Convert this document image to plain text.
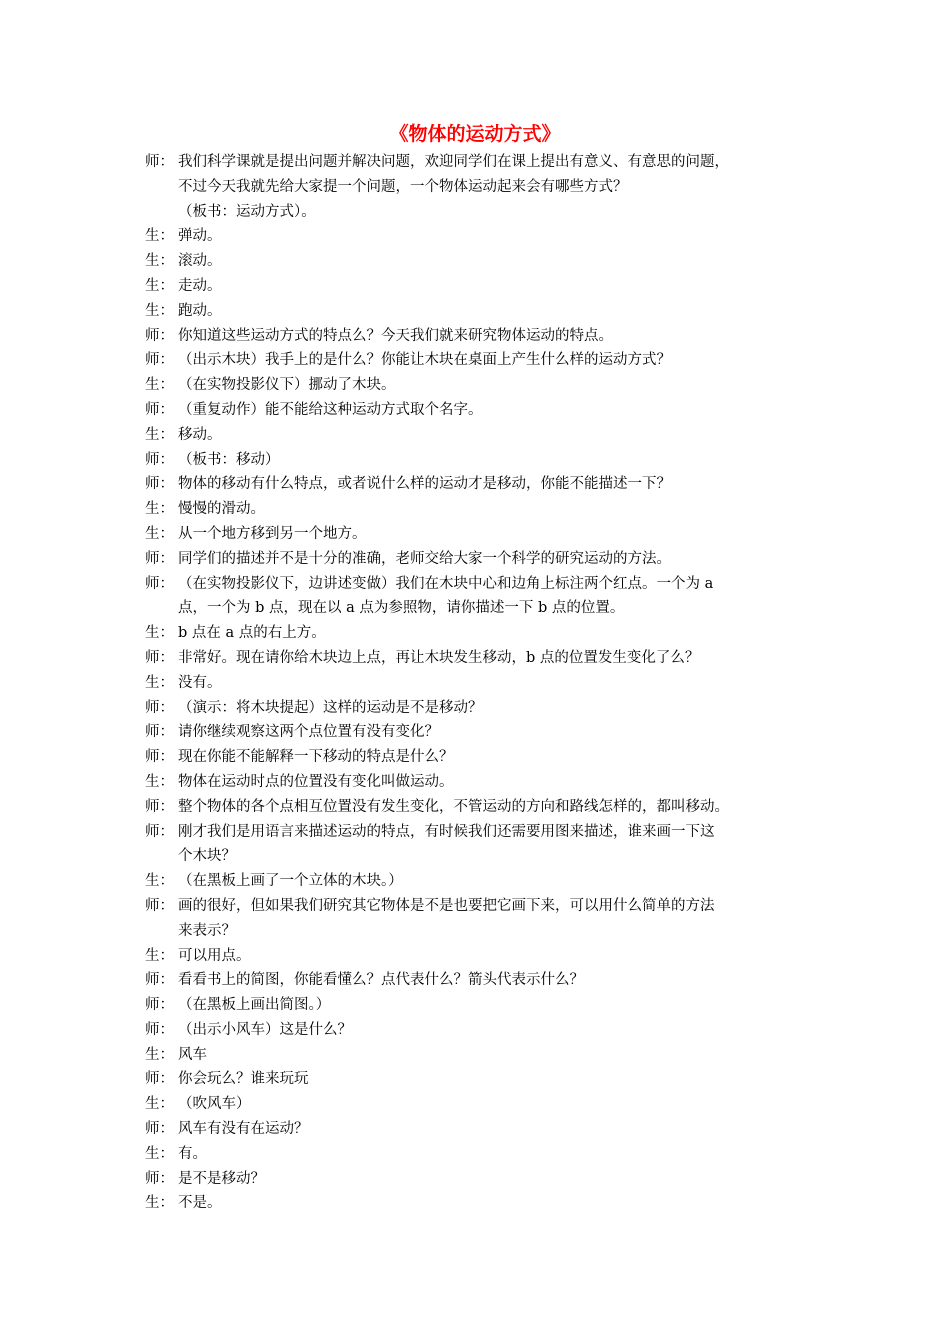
《物体的运动方式》
师： 我们科学课就是提出问题并解决问题，欢迎同学们在课上提出有意义、有意思的问题，
不过今天我就先给大家提一个问题，一个物体运动起来会有哪些方式？
（板书：运动方式）。
生： 弹动。
生： 滚动。
生： 走动。
生： 跑动。
师： 你知道这些运动方式的特点么？今天我们就来研究物体运动的特点。
师： （出示木块）我手上的是什么？你能让木块在桌面上产生什么样的运动方式？
生： （在实物投影仪下）挪动了木块。
师： （重复动作）能不能给这种运动方式取个名字。
生： 移动。
师： （板书：移动）
师： 物体的移动有什么特点，或者说什么样的运动才是移动，你能不能描述一下？
生： 慢慢的滑动。
生： 从一个地方移到另一个地方。
师： 同学们的描述并不是十分的准确，老师交给大家一个科学的研究运动的方法。
师： （在实物投影仪下，边讲述变做）我们在木块中心和边角上标注两个红点。一个为 a
点，一个为 b 点，现在以 a 点为参照物，请你描述一下 b 点的位置。
生： b 点在 a 点的右上方。
师： 非常好。现在请你给木块边上点，再让木块发生移动，b 点的位置发生变化了么？
生： 没有。
师： （演示：将木块提起）这样的运动是不是移动？
师： 请你继续观察这两个点位置有没有变化？
师： 现在你能不能解释一下移动的特点是什么？
生： 物体在运动时点的位置没有变化叫做运动。
师： 整个物体的各个点相互位置没有发生变化，不管运动的方向和路线怎样的，都叫移动。
师： 刚才我们是用语言来描述运动的特点，有时候我们还需要用图来描述，谁来画一下这
个木块？
生： （在黑板上画了一个立体的木块。）
师： 画的很好，但如果我们研究其它物体是不是也要把它画下来，可以用什么简单的方法
来表示？
生： 可以用点。
师： 看看书上的简图，你能看懂么？点代表什么？箭头代表示什么？
师： （在黑板上画出简图。）
师： （出示小风车）这是什么？
生： 风车
师： 你会玩么？谁来玩玩
生： （吹风车）
师： 风车有没有在运动？
生： 有。
师： 是不是移动？
生： 不是。
